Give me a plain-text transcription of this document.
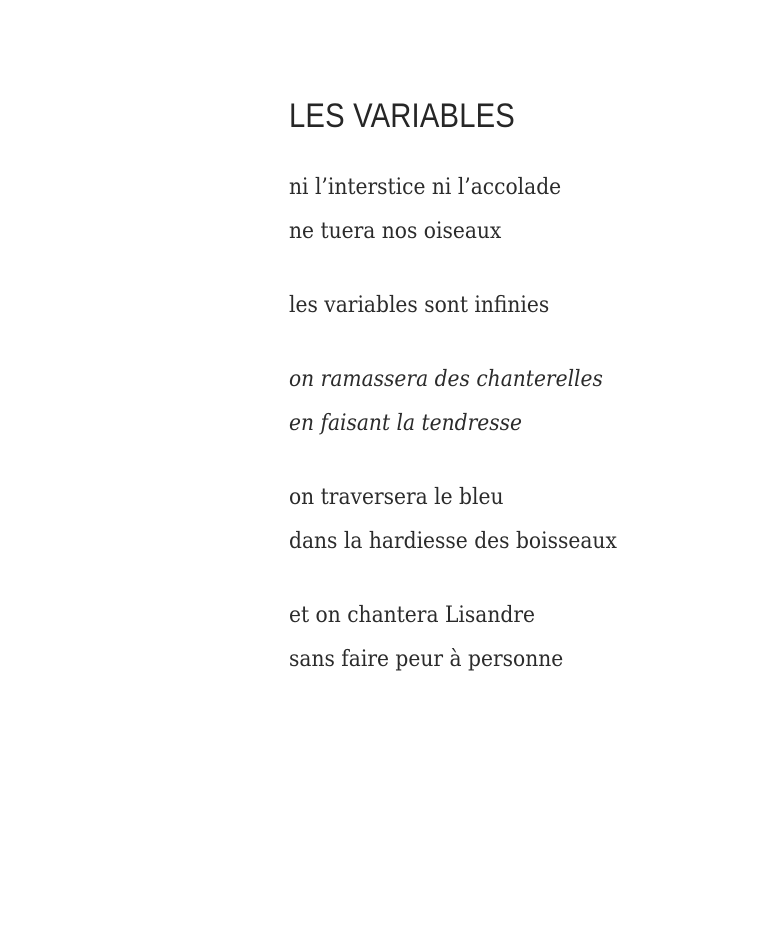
LES VARIABLES
ni l’interstice ni l’accolade
ne tuera nos oiseaux
les variables sont infinies
on ramassera des chanterelles
en faisant la tendresse
on traversera le bleu
dans la hardiesse des boisseaux
et on chantera Lisandre
sans faire peur à personne
